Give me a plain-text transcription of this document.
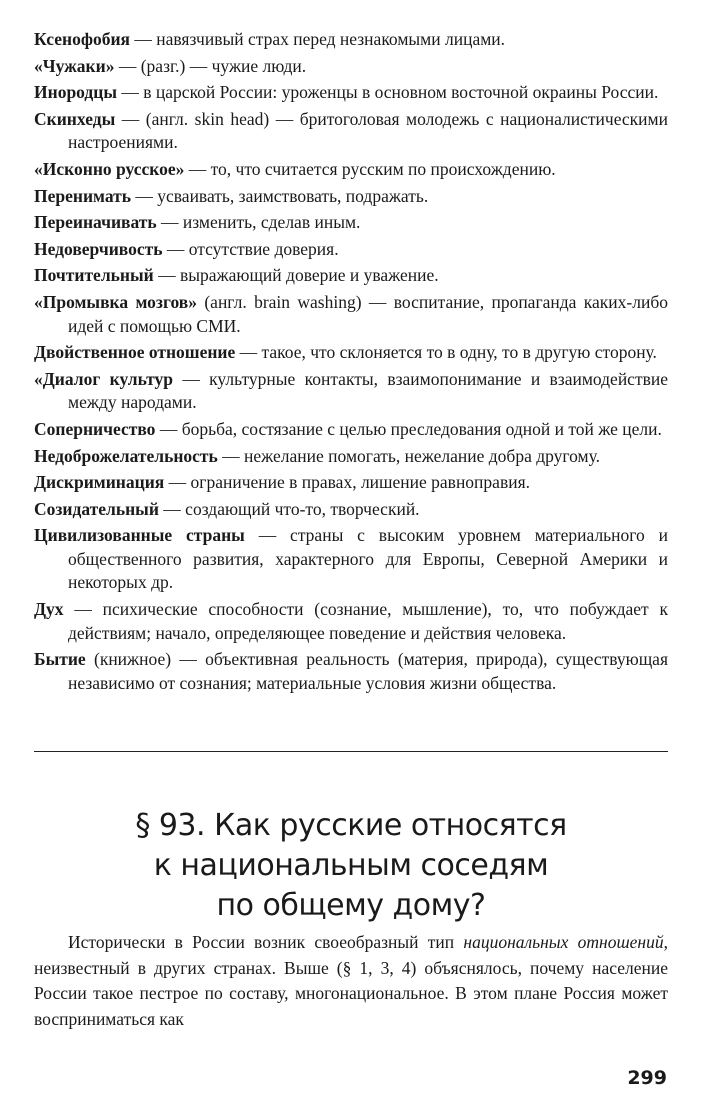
Ксенофобия — навязчивый страх перед незнакомыми лицами.

«Чужаки» — (разг.) — чужие люди.

Инородцы — в царской России: уроженцы в основном восточной окраины России.

Скинхеды — (англ. skin head) — бритоголовая молодежь с националистическими настроениями.

«Исконно русское» — то, что считается русским по происхождению.

Перенимать — усваивать, заимствовать, подражать.

Переиначивать — изменить, сделав иным.

Недоверчивость — отсутствие доверия.

Почтительный — выражающий доверие и уважение.

«Промывка мозгов» (англ. brain washing) — воспитание, пропаганда каких-либо идей с помощью СМИ.

Двойственное отношение — такое, что склоняется то в одну, то в другую сторону.

«Диалог культур — культурные контакты, взаимопонимание и взаимодействие между народами.

Соперничество — борьба, состязание с целью преследования одной и той же цели.

Недоброжелательность — нежелание помогать, нежелание добра другому.

Дискриминация — ограничение в правах, лишение равноправия.

Созидательный — создающий что-то, творческий.

Цивилизованные страны — страны с высоким уровнем материального и общественного развития, характерного для Европы, Северной Америки и некоторых др.

Дух — психические способности (сознание, мышление), то, что побуждает к действиям; начало, определяющее поведение и действия человека.

Бытие (книжное) — объективная реальность (материя, природа), существующая независимо от сознания; материальные условия жизни общества.

§ 93. Как русские относятся
к национальным соседям
по общему дому?

Исторически в России возник своеобразный тип национальных отношений, неизвестный в других странах. Выше (§ 1, 3, 4) объяснялось, почему население России такое пестрое по составу, многонациональное. В этом плане Россия может восприниматься как

299
